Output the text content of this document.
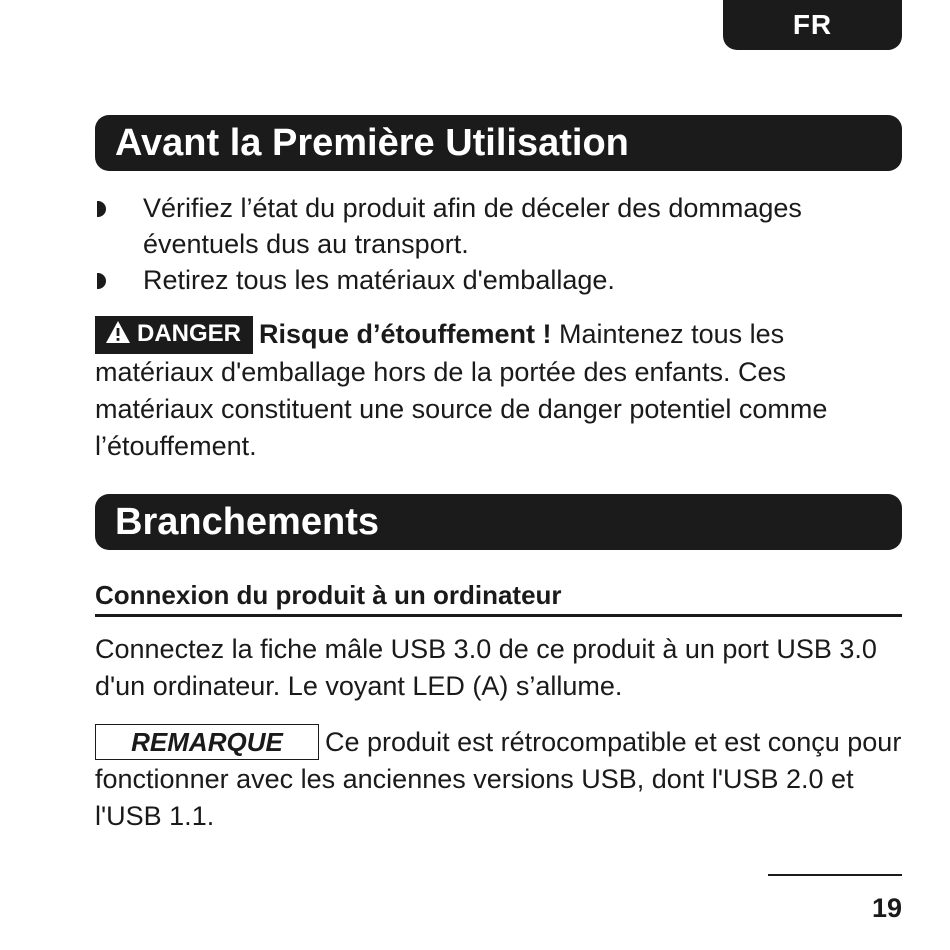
FR
Avant la Première Utilisation
Vérifiez l’état du produit afin de déceler des dommages éventuels dus au transport.
Retirez tous les matériaux d'emballage.
DANGER Risque d’étouffement ! Maintenez tous les matériaux d'emballage hors de la portée des enfants. Ces matériaux constituent une source de danger potentiel comme l’étouffement.
Branchements
Connexion du produit à un ordinateur
Connectez la fiche mâle USB 3.0 de ce produit à un port USB 3.0 d'un ordinateur. Le voyant LED (A) s’allume.
REMARQUE Ce produit est rétrocompatible et est conçu pour fonctionner avec les anciennes versions USB, dont l'USB 2.0 et l'USB 1.1.
19
